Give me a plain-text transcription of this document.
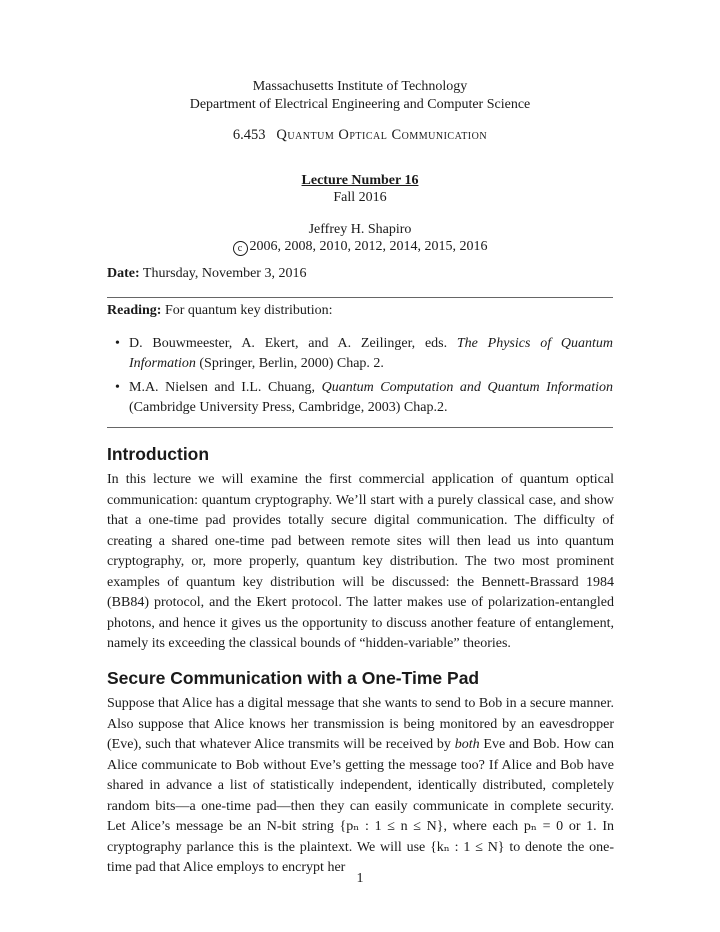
Massachusetts Institute of Technology
Department of Electrical Engineering and Computer Science
6.453 Quantum Optical Communication
Lecture Number 16
Fall 2016
Jeffrey H. Shapiro
c 2006, 2008, 2010, 2012, 2014, 2015, 2016
Date: Thursday, November 3, 2016
Reading: For quantum key distribution:
• D. Bouwmeester, A. Ekert, and A. Zeilinger, eds. The Physics of Quantum Information (Springer, Berlin, 2000) Chap. 2.
• M.A. Nielsen and I.L. Chuang, Quantum Computation and Quantum Information (Cambridge University Press, Cambridge, 2003) Chap.2.
Introduction

In this lecture we will examine the first commercial application of quantum optical communication: quantum cryptography. We’ll start with a purely classical case, and show that a one-time pad provides totally secure digital communication. The difficulty of creating a shared one-time pad between remote sites will then lead us into quantum cryptography, or, more properly, quantum key distribution. The two most prominent examples of quantum key distribution will be discussed: the Bennett-Brassard 1984 (BB84) protocol, and the Ekert protocol. The latter makes use of polarization-entangled photons, and hence it gives us the opportunity to discuss another feature of entanglement, namely its exceeding the classical bounds of “hidden-variable” theories.

Secure Communication with a One-Time Pad

Suppose that Alice has a digital message that she wants to send to Bob in a secure manner. Also suppose that Alice knows her transmission is being monitored by an eavesdropper (Eve), such that whatever Alice transmits will be received by both Eve and Bob. How can Alice communicate to Bob without Eve’s getting the message too? If Alice and Bob have shared in advance a list of statistically independent, identically distributed, completely random bits—a one-time pad—then they can easily communicate in complete security. Let Alice’s message be an N-bit string {pₙ : 1 ≤ n ≤ N}, where each pₙ = 0 or 1. In cryptography parlance this is the plaintext. We will use {kₙ : 1 ≤ N} to denote the one-time pad that Alice employs to encrypt her

1
